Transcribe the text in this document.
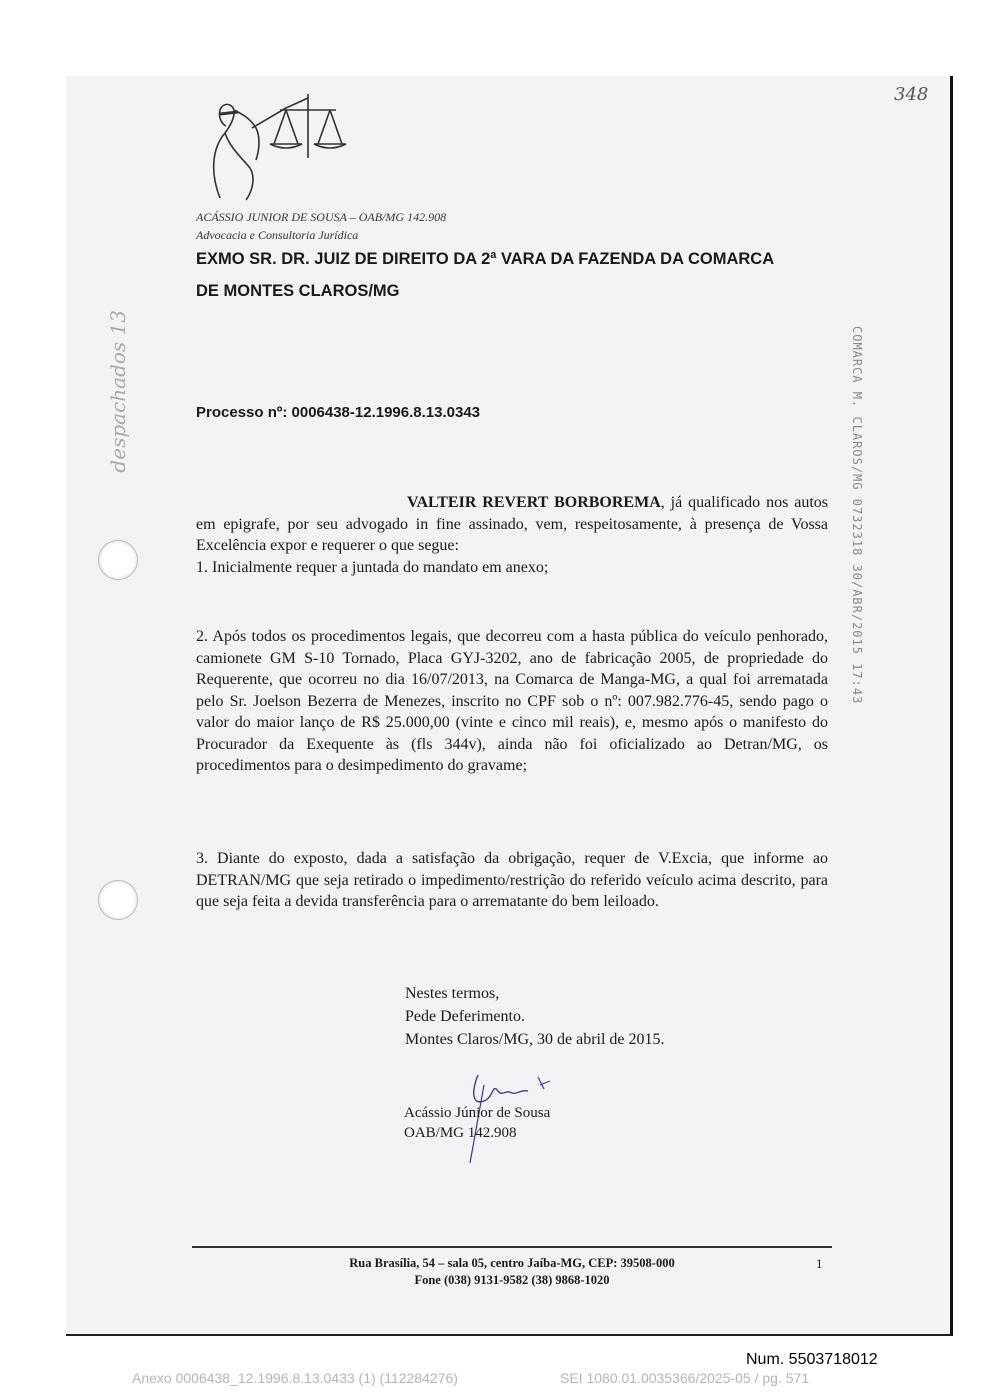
348
despachados 13
ACÁSSIO JUNIOR DE SOUSA – OAB/MG 142.908
Advocacia e Consultoria Jurídica
EXMO SR. DR. JUIZ DE DIREITO DA 2ª VARA DA FAZENDA DA COMARCA
DE MONTES CLAROS/MG
Processo nº: 0006438-12.1996.8.13.0343	COMARCA M. CLAROS/MG 0732318 30/ABR/2015 17:43

VALTEIR REVERT BORBOREMA, já qualificado nos autos em epigrafe, por seu advogado in fine assinado, vem, respeitosamente, à presença de Vossa Excelência expor e requerer o que segue:

1. Inicialmente requer a juntada do mandato em anexo;

2. Após todos os procedimentos legais, que decorreu com a hasta pública do veículo penhorado, camionete GM S-10 Tornado, Placa GYJ-3202, ano de fabricação 2005, de propriedade do Requerente, que ocorreu no dia 16/07/2013, na Comarca de Manga-MG, a qual foi arrematada pelo Sr. Joelson Bezerra de Menezes, inscrito no CPF sob o nº: 007.982.776-45, sendo pago o valor do maior lanço de R$ 25.000,00 (vinte e cinco mil reais), e, mesmo após o manifesto do Procurador da Exequente às (fls 344v), ainda não foi oficializado ao Detran/MG, os procedimentos para o desimpedimento do gravame;
3. Diante do exposto, dada a satisfação da obrigação, requer de V.Excia, que informe ao DETRAN/MG que seja retirado o impedimento/restrição do referido veículo acima descrito, para que seja feita a devida transferência para o arrematante do bem leiloado.
Nestes termos,
Pede Deferimento.
Montes Claros/MG, 30 de abril de 2015.
Acássio Júnior de Sousa
OAB/MG 142.908
Rua Brasília, 54 – sala 05, centro Jaíba-MG, CEP: 39508-000
Fone (038) 9131-9582 (38) 9868-1020
1
Num. 5503718012
Anexo 0006438_12.1996.8.13.0433 (1) (112284276)	SEI 1080.01.0035366/2025-05 / pg. 571
